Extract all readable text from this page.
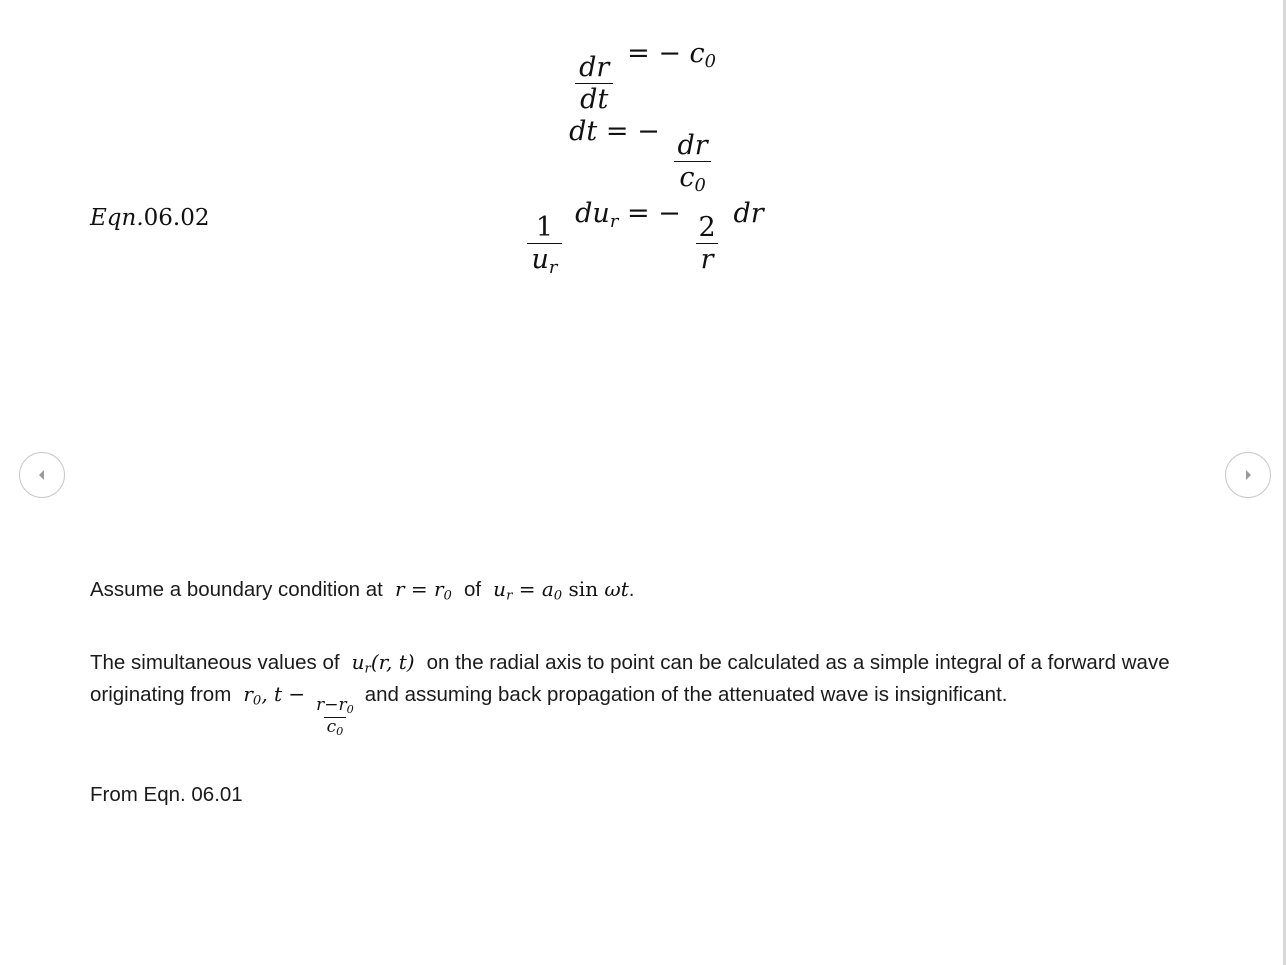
$\frac{dr}{dt}$ = − $c_0$
dt = − $\frac{dr}{c_0}$
$\frac{1}{u_r} du_r$ = − $\frac{2}{r}$ dr
Eqn.06.02

Assume a boundary condition at  $r = r_0$ of  $u_r = a_0$ sin ωt.

The simultaneous values of  $u_r(r$, t)  on the radial axis to point can be calculated as a simple integral of a forward wave originating from  $r_0$, t −
$\frac{r-r_0}{c_0}$
and assuming back propagation of the attenuated wave is insignificant.

From Eqn. 06.01
